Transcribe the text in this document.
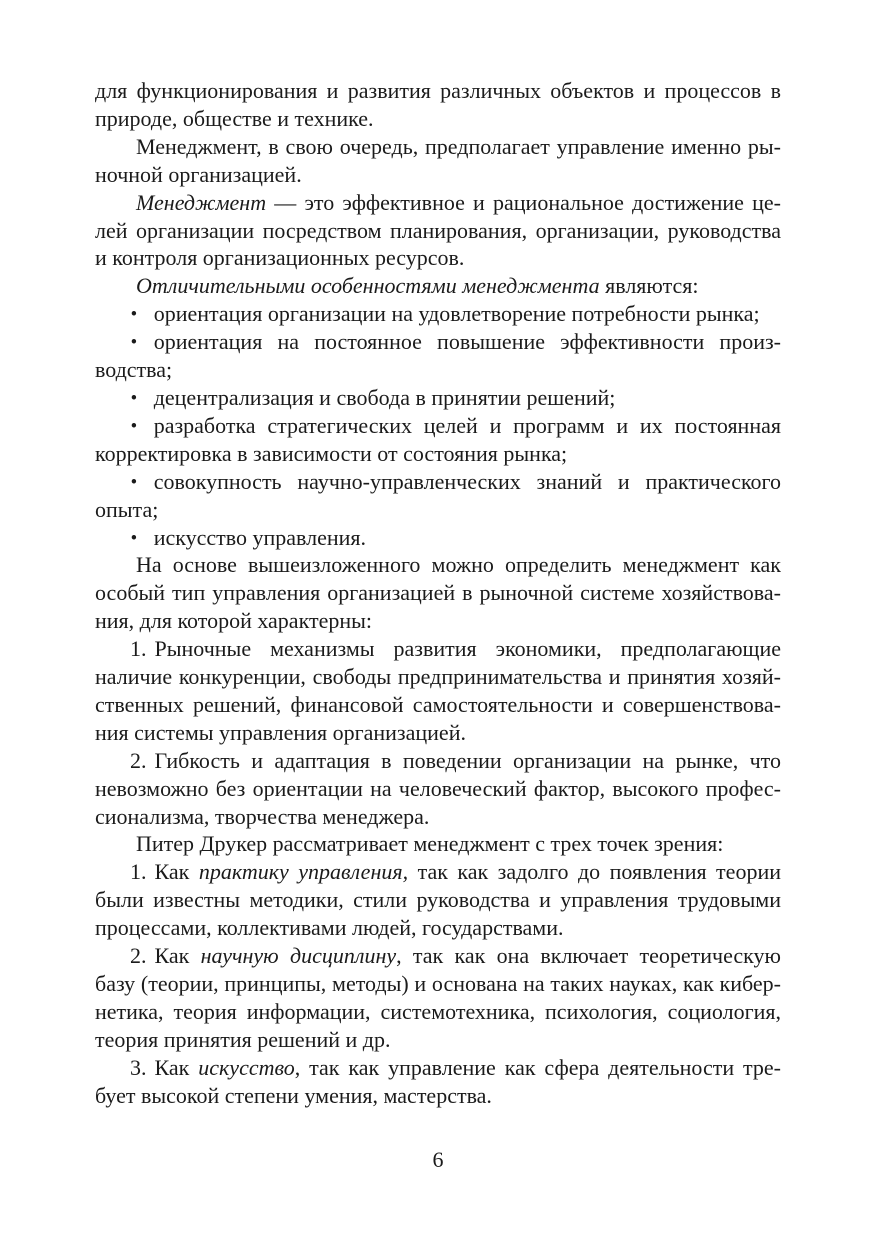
для функционирования и развития различных объектов и процессов в природе, обществе и технике.

Менеджмент, в свою очередь, предполагает управление именно рыночной организацией.

Менеджмент — это эффективное и рациональное достижение целей организации посредством планирования, организации, руководства и контроля организационных ресурсов.

Отличительными особенностями менеджмента являются:

• ориентация организации на удовлетворение потребности рынка;

• ориентация на постоянное повышение эффективности производства;

• децентрализация и свобода в принятии решений;

• разработка стратегических целей и программ и их постоянная корректировка в зависимости от состояния рынка;

• совокупность научно-управленческих знаний и практического опыта;

• искусство управления.

На основе вышеизложенного можно определить менеджмент как особый тип управления организацией в рыночной системе хозяйствования, для которой характерны:

1. Рыночные механизмы развития экономики, предполагающие наличие конкуренции, свободы предпринимательства и принятия хозяйственных решений, финансовой самостоятельности и совершенствования системы управления организацией.

2. Гибкость и адаптация в поведении организации на рынке, что невозможно без ориентации на человеческий фактор, высокого профессионализма, творчества менеджера.

Питер Друкер рассматривает менеджмент с трех точек зрения:

1. Как практику управления, так как задолго до появления теории были известны методики, стили руководства и управления трудовыми процессами, коллективами людей, государствами.

2. Как научную дисциплину, так как она включает теоретическую базу (теории, принципы, методы) и основана на таких науках, как кибернетика, теория информации, системотехника, психология, социология, теория принятия решений и др.

3. Как искусство, так как управление как сфера деятельности требует высокой степени умения, мастерства.

6
